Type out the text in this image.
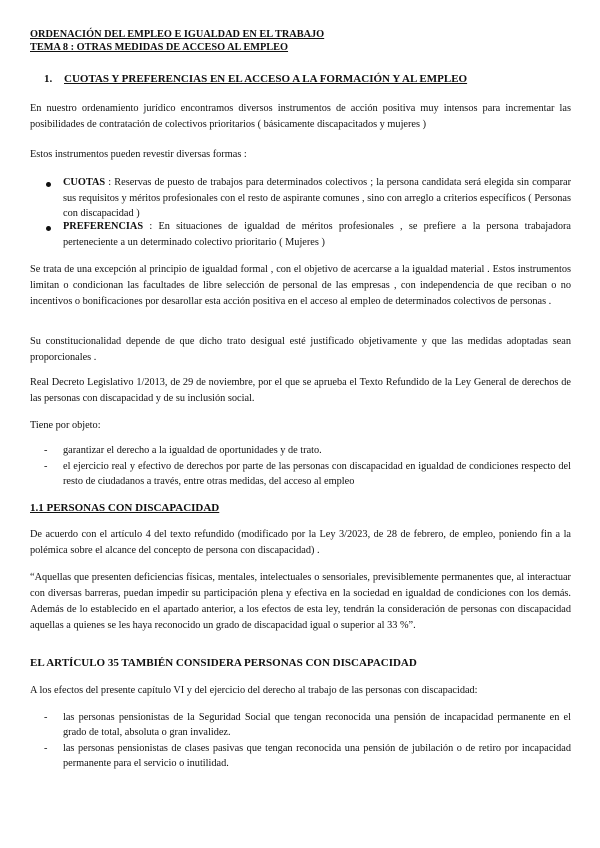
ORDENACIÓN DEL EMPLEO E IGUALDAD EN EL TRABAJO
TEMA 8 : OTRAS MEDIDAS DE ACCESO AL EMPLEO
1. CUOTAS Y PREFERENCIAS EN EL ACCESO A LA FORMACIÓN Y AL EMPLEO
En nuestro ordenamiento jurídico encontramos diversos instrumentos de acción positiva muy intensos para incrementar las posibilidades de contratación de colectivos prioritarios ( básicamente discapacitados y mujeres )
Estos instrumentos pueden revestir diversas formas :
CUOTAS : Reservas de puesto de trabajos para determinados colectivos ; la persona candidata será elegida sin comparar sus requisitos y méritos profesionales con el resto de aspirante comunes , sino con arreglo a criterios específicos ( Personas con discapacidad )
PREFERENCIAS : En situaciones de igualdad de méritos profesionales , se prefiere a la persona trabajadora perteneciente a un determinado colectivo prioritario ( Mujeres )
Se trata de una excepción al principio de igualdad formal , con el objetivo de acercarse a la igualdad material . Estos instrumentos limitan o condicionan las facultades de libre selección de personal de las empresas , con independencia de que reciban o no incentivos o bonificaciones por desarollar esta acción positiva en el acceso al empleo de determinados colectivos de personas .
Su constitucionalidad depende de que dicho trato desigual esté justificado objetivamente y que las medidas adoptadas sean proporcionales .
Real Decreto Legislativo 1/2013, de 29 de noviembre, por el que se aprueba el Texto Refundido de la Ley General de derechos de las personas con discapacidad y de su inclusión social.
Tiene por objeto:
- garantizar el derecho a la igualdad de oportunidades y de trato.
- el ejercicio real y efectivo de derechos por parte de las personas con discapacidad en igualdad de condiciones respecto del resto de ciudadanos a través, entre otras medidas, del acceso al empleo
1.1 PERSONAS CON DISCAPACIDAD
De acuerdo con el artículo 4 del texto refundido (modificado por la Ley 3/2023, de 28 de febrero, de empleo, poniendo fin a la polémica sobre el alcance del concepto de persona con discapacidad) .
“Aquellas que presenten deficiencias físicas, mentales, intelectuales o sensoriales, previsiblemente permanentes que, al interactuar con diversas barreras, puedan impedir su participación plena y efectiva en la sociedad en igualdad de condiciones con los demás. Además de lo establecido en el apartado anterior, a los efectos de esta ley, tendrán la consideración de personas con discapacidad aquellas a quienes se les haya reconocido un grado de discapacidad igual o superior al 33 %”.
EL ARTÍCULO 35 TAMBIÉN CONSIDERA PERSONAS CON DISCAPACIDAD
A los efectos del presente capítulo VI y del ejercicio del derecho al trabajo de las personas con discapacidad:
- las personas pensionistas de la Seguridad Social que tengan reconocida una pensión de incapacidad permanente en el grado de total, absoluta o gran invalidez.
- las personas pensionistas de clases pasivas que tengan reconocida una pensión de jubilación o de retiro por incapacidad permanente para el servicio o inutilidad.
